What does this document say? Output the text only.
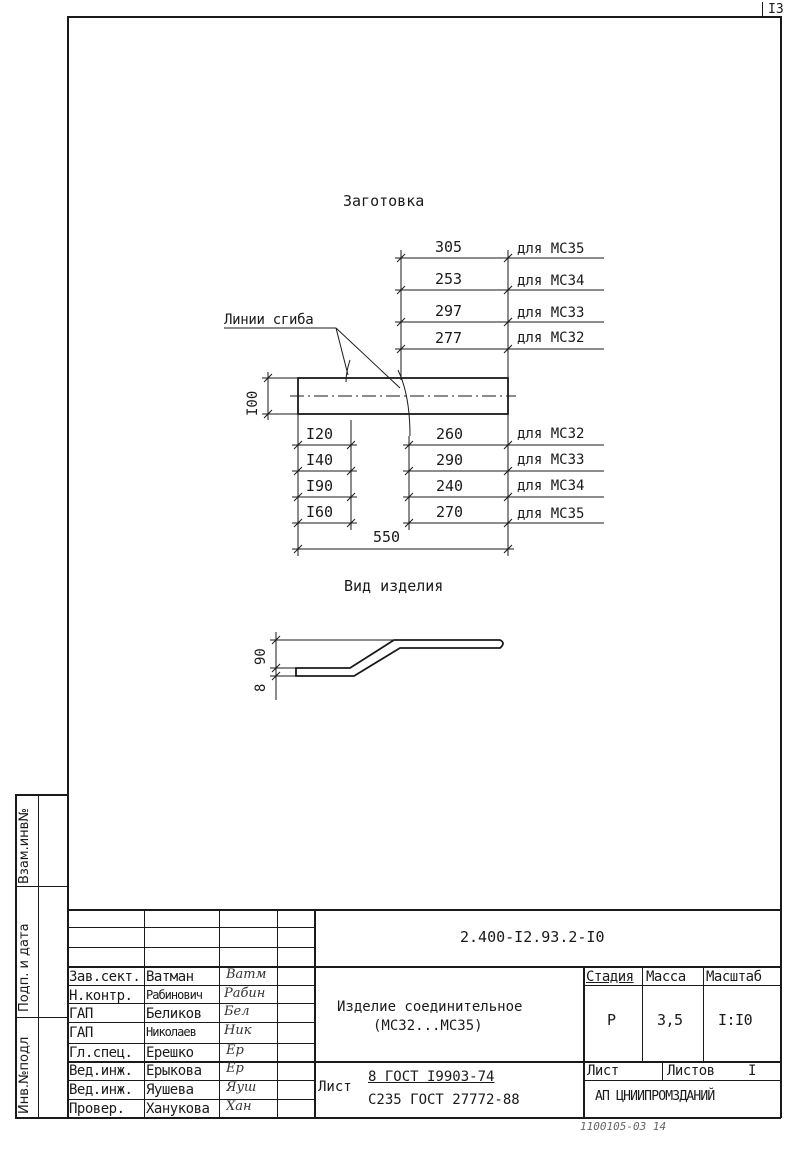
I3
Заготовка
Линии сгиба
I00
305	для МС35
253	для МС34
297	для МС33
277	для МС32
I20
I40
I90
I60
260	для МС32
290	для МС33
240	для МС34
270	для МС35
550
Вид изделия
90
8
Взам.инв№
Подп. и дата
Инв.№подл
2.400-I2.93.2-I0
Изделие соединительное
(МС32...МС35)
Стадия Масса Масштаб
Р	3,5 I:I0
Лист	Листов I
АП ЦНИИПРОМЗДАНИЙ
Лист
8 ГОСТ I9903-74
С235 ГОСТ 27772-88
Зав.сект. Ватман Ватм
Н.контр. Рабинович Рабин
ГАП	Беликов Бел
ГАП	Николаев Ник
Гл.спец. Ерешко Ер
Вед.инж. Ерыкова Ер
Вед.инж. Яушева Яуш
Провер. Ханукова Хан
1100105-03 14
